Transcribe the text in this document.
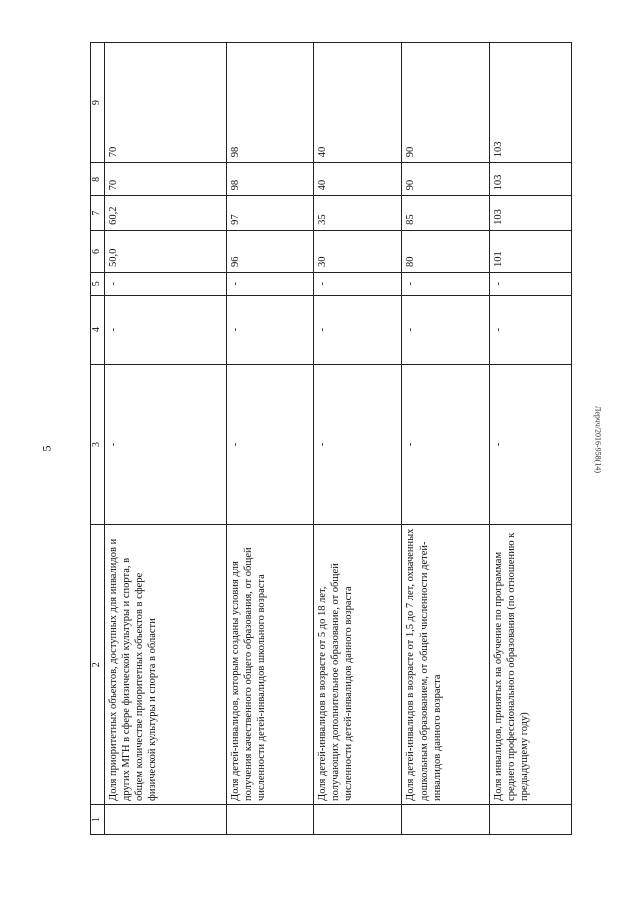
5	Лерчч/2016-958(14)
1	2	3	4	5	6	7	8	9
	Доля приоритетных объектов, доступных для инвалидов и других МГН в сфере физической культуры и спорта, в общем количестве приоритетных объектов в сфере физической культуры и спорта в области	-	-	-	50,0	60,2	70	70
	Доля детей-инвалидов, которым созданы условия для получения качественного общего образования, от общей численности детей-инвалидов школьного возраста	-	-	-	96	97	98	98
	Доля детей-инвалидов в возрасте от 5 до 18 лет, получающих дополнительное образование, от общей численности детей-инвалидов данного возраста	-	-	-	30	35	40	40
	Доля детей-инвалидов в возрасте от 1,5 до 7 лет, охваченных дошкольным образованием, от общей численности детей-инвалидов данного возраста	-	-	-	80	85	90	90
	Доля инвалидов, принятых на обучение по программам среднего профессионального образования (по отношению к предыдущему году)	-	-	-	101	103	103	103
